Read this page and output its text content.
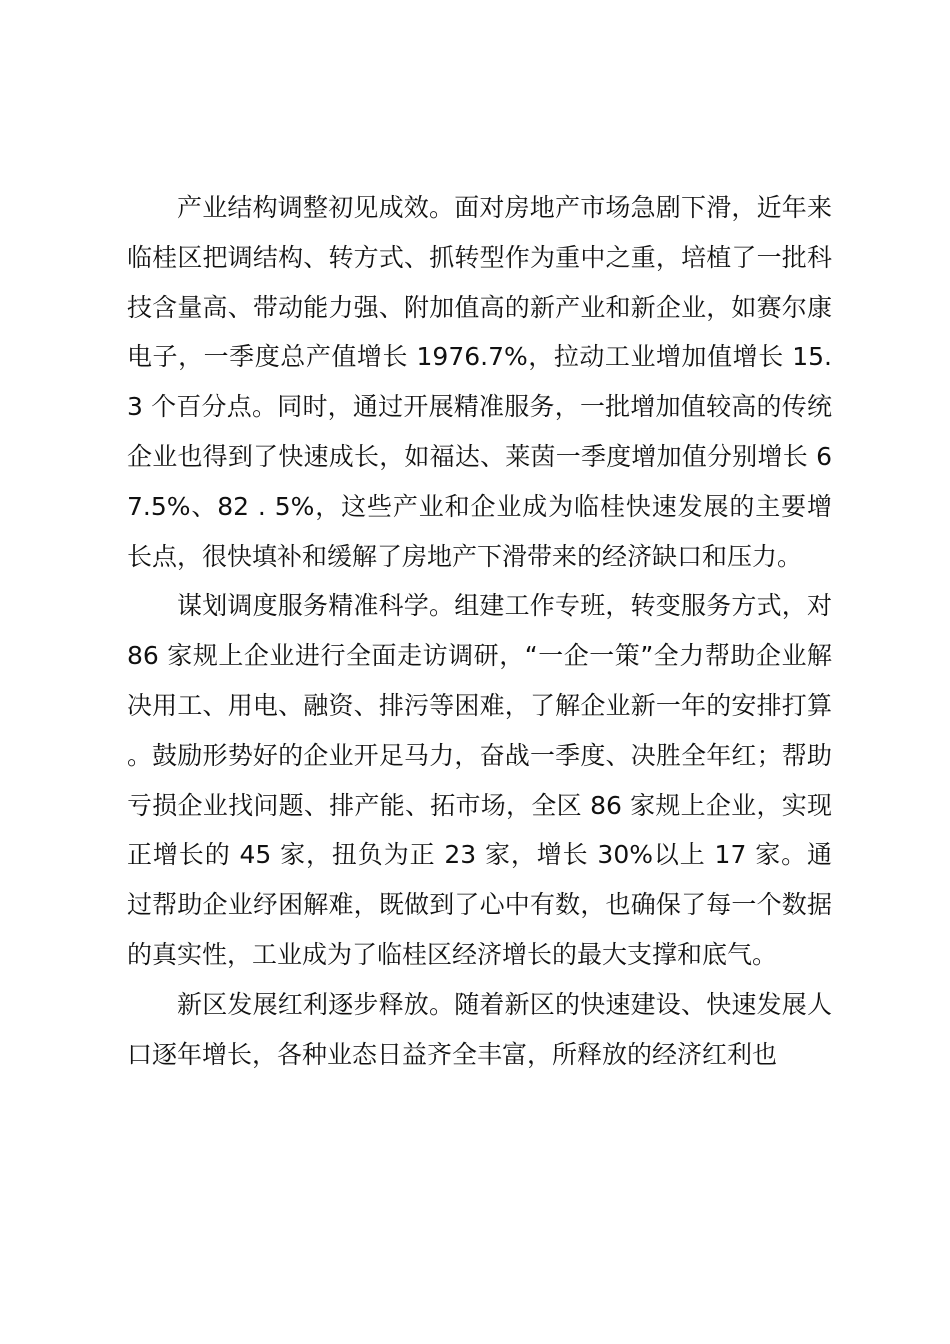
产业结构调整初见成效。面对房地产市场急剧下滑，近年来临桂区把调结构、转方式、抓转型作为重中之重，培植了一批科技含量高、带动能力强、附加值高的新产业和新企业，如赛尔康电子，一季度总产值增长 1976.7%，拉动工业增加值增长 15.3 个百分点。同时，通过开展精准服务，一批增加值较高的传统企业也得到了快速成长，如福达、莱茵一季度增加值分别增长 67.5%、82 . 5%，这些产业和企业成为临桂快速发展的主要增长点，很快填补和缓解了房地产下滑带来的经济缺口和压力。

谋划调度服务精准科学。组建工作专班，转变服务方式，对 86 家规上企业进行全面走访调研，“一企一策”全力帮助企业解决用工、用电、融资、排污等困难，了解企业新一年的安排打算。鼓励形势好的企业开足马力，奋战一季度、决胜全年红；帮助亏损企业找问题、排产能、拓市场，全区 86 家规上企业，实现正增长的 45 家，扭负为正 23 家，增长 30%以上 17 家。通过帮助企业纾困解难，既做到了心中有数，也确保了每一个数据的真实性，工业成为了临桂区经济增长的最大支撑和底气。

新区发展红利逐步释放。随着新区的快速建设、快速发展人口逐年增长，各种业态日益齐全丰富，所释放的经济红利也
